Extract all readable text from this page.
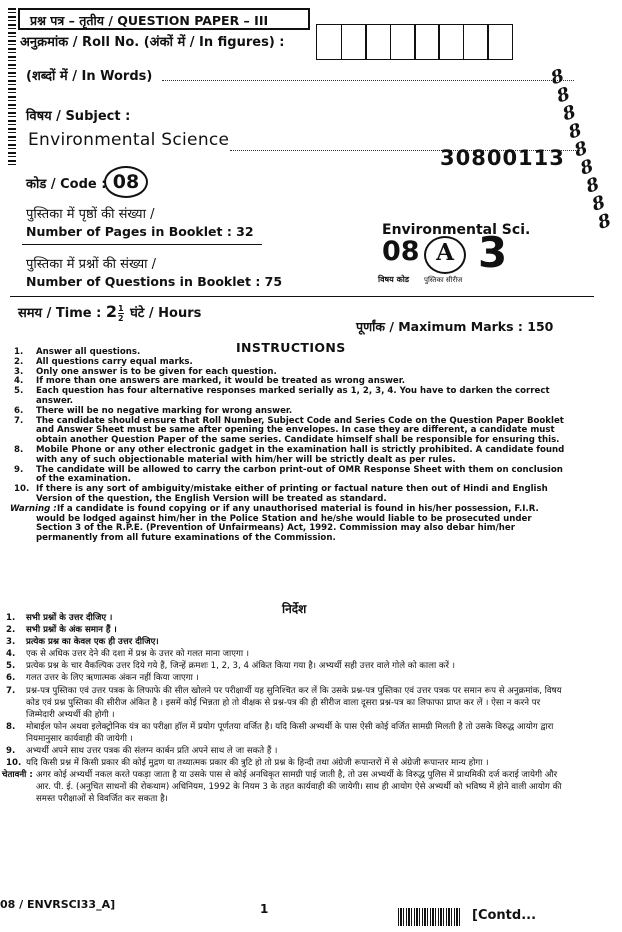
प्रश्न पत्र – तृतीय / QUESTION PAPER – III
अनुक्रमांक / Roll No. (अंकों में / In figures) :
(शब्दों में / In Words)
विषय / Subject :
Environmental Science
30800113
कोड / Code : 08
पुस्तिका में पृष्ठों की संख्या /
Number of Pages in Booklet : 32
पुस्तिका में प्रश्नों की संख्या /
Number of Questions in Booklet : 75
Environmental Sci.
08 A 3
विषय कोड पुस्तिका सीरीज
8
8
8
8
8
8
8
8
8
समय / Time : $2\frac{1}{2}$ घंटे / Hours
पूर्णांक / Maximum Marks : 150
INSTRUCTIONS
1. Answer all questions.
2. All questions carry equal marks.
3. Only one answer is to be given for each question.
4. If more than one answers are marked, it would be treated as wrong answer.
5. Each question has four alternative responses marked serially as 1, 2, 3, 4. You have to darken the correct answer.
6. There will be no negative marking for wrong answer.
7. The candidate should ensure that Roll Number, Subject Code and Series Code on the Question Paper Booklet and Answer Sheet must be same after opening the envelopes. In case they are different, a candidate must obtain another Question Paper of the same series. Candidate himself shall be responsible for ensuring this.
8. Mobile Phone or any other electronic gadget in the examination hall is strictly prohibited. A candidate found with any of such objectionable material with him/her will be strictly dealt as per rules.
9. The candidate will be allowed to carry the carbon print-out of OMR Response Sheet with them on conclusion of the examination.
10. If there is any sort of ambiguity/mistake either of printing or factual nature then out of Hindi and English Version of the question, the English Version will be treated as standard.
Warning : If a candidate is found copying or if any unauthorised material is found in his/her possession, F.I.R. would be lodged against him/her in the Police Station and he/she would liable to be prosecuted under Section 3 of the R.P.E. (Prevention of Unfairmeans) Act, 1992. Commission may also debar him/her permanently from all future examinations of the Commission.
निर्देश
1. सभी प्रश्नों के उत्तर दीजिए ।
2. सभी प्रश्नों के अंक समान हैं ।
3. प्रत्येक प्रश्न का केवल एक ही उत्तर दीजिए।
4. एक से अधिक उत्तर देने की दशा में प्रश्न के उत्तर को गलत माना जाएगा ।
5. प्रत्येक प्रश्न के चार वैकल्पिक उत्तर दिये गये हैं, जिन्हें क्रमशः 1, 2, 3, 4 अंकित किया गया है। अभ्यर्थी सही उत्तर वाले गोले को काला करें ।
6. गलत उत्तर के लिए ऋणात्मक अंकन नहीं किया जाएगा ।
7. प्रश्न-पत्र पुस्तिका एवं उत्तर पत्रक के लिफाफे की सील खोलने पर परीक्षार्थी यह सुनिश्चित कर लें कि उसके प्रश्न-पत्र पुस्तिका एवं उत्तर पत्रक पर समान रूप से अनुक्रमांक, विषय कोड एवं प्रश्न पुस्तिका की सीरीज अंकित है । इसमें कोई भिन्नता हो तो वीक्षक से प्रश्न-पत्र की ही सीरीज वाला दूसरा प्रश्न-पत्र का लिफाफा प्राप्त कर लें । ऐसा न करने पर जिम्मेदारी अभ्यर्थी की होगी ।
8. मोबाईल फोन अथवा इलेक्ट्रोनिक यंत्र का परीक्षा हॉल में प्रयोग पूर्णतया वर्जित है। यदि किसी अभ्यर्थी के पास ऐसी कोई वर्जित सामग्री मिलती है तो उसके विरुद्ध आयोग द्वारा नियमानुसार कार्यवाही की जायेगी ।
9. अभ्यर्थी अपने साथ उत्तर पत्रक की संलग्न कार्बन प्रति अपने साथ ले जा सकते हैं ।
10. यदि किसी प्रश्न में किसी प्रकार की कोई मुद्रण या तथ्यात्मक प्रकार की त्रुटि हो तो प्रश्न के हिन्दी तथा अंग्रेजी रूपान्तरों में से अंग्रेजी रूपान्तर मान्य होगा ।
चेतावनी : अगर कोई अभ्यर्थी नकल करते पकड़ा जाता है या उसके पास से कोई अनधिकृत सामग्री पाई जाती है, तो उस अभ्यर्थी के विरुद्ध पुलिस में प्राथमिकी दर्ज कराई जायेगी और आर. पी. ई. (अनुचित साधनों की रोकथाम) अधिनियम, 1992 के नियम 3 के तहत कार्यवाही की जायेगी। साथ ही आयोग ऐसे अभ्यर्थी को भविष्य में होने वाली आयोग की समस्त परीक्षाओं से विवर्जित कर सकता है।
08 / ENVRSCI33_A]	1	[Contd...
